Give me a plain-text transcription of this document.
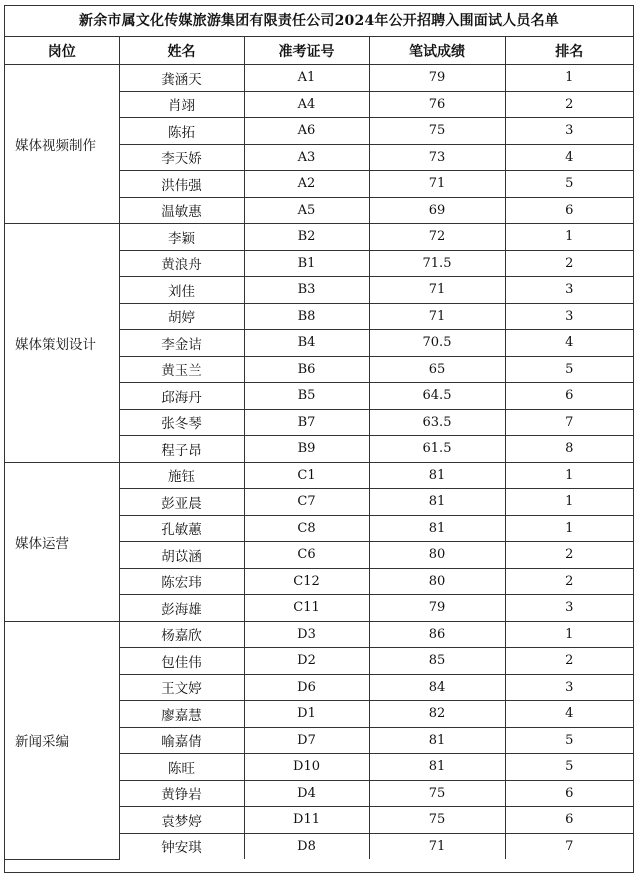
新余市属文化传媒旅游集团有限责任公司2024年公开招聘入围面试人员名单
岗位	姓名	准考证号	笔试成绩	排名
媒体视频制作	龚涵天	A1	79	1
	肖翊	A4	76	2
	陈拓	A6	75	3
	李天娇	A3	73	4
	洪伟强	A2	71	5
	温敏惠	A5	69	6
媒体策划设计	李颖	B2	72	1
	黄浪舟	B1	71.5	2
	刘佳	B3	71	3
	胡婷	B8	71	3
	李金诘	B4	70.5	4
	黄玉兰	B6	65	5
	邱海丹	B5	64.5	6
	张冬琴	B7	63.5	7
	程子昂	B9	61.5	8
媒体运营	施钰	C1	81	1
	彭亚晨	C7	81	1
	孔敏蕙	C8	81	1
	胡苡涵	C6	80	2
	陈宏玮	C12	80	2
	彭海雄	C11	79	3
新闻采编	杨嘉欣	D3	86	1
	包佳伟	D2	85	2
	王文婷	D6	84	3
	廖嘉慧	D1	82	4
	喻嘉倩	D7	81	5
	陈旺	D10	81	5
	黄铮岩	D4	75	6
	袁梦婷	D11	75	6
	钟安琪	D8	71	7
